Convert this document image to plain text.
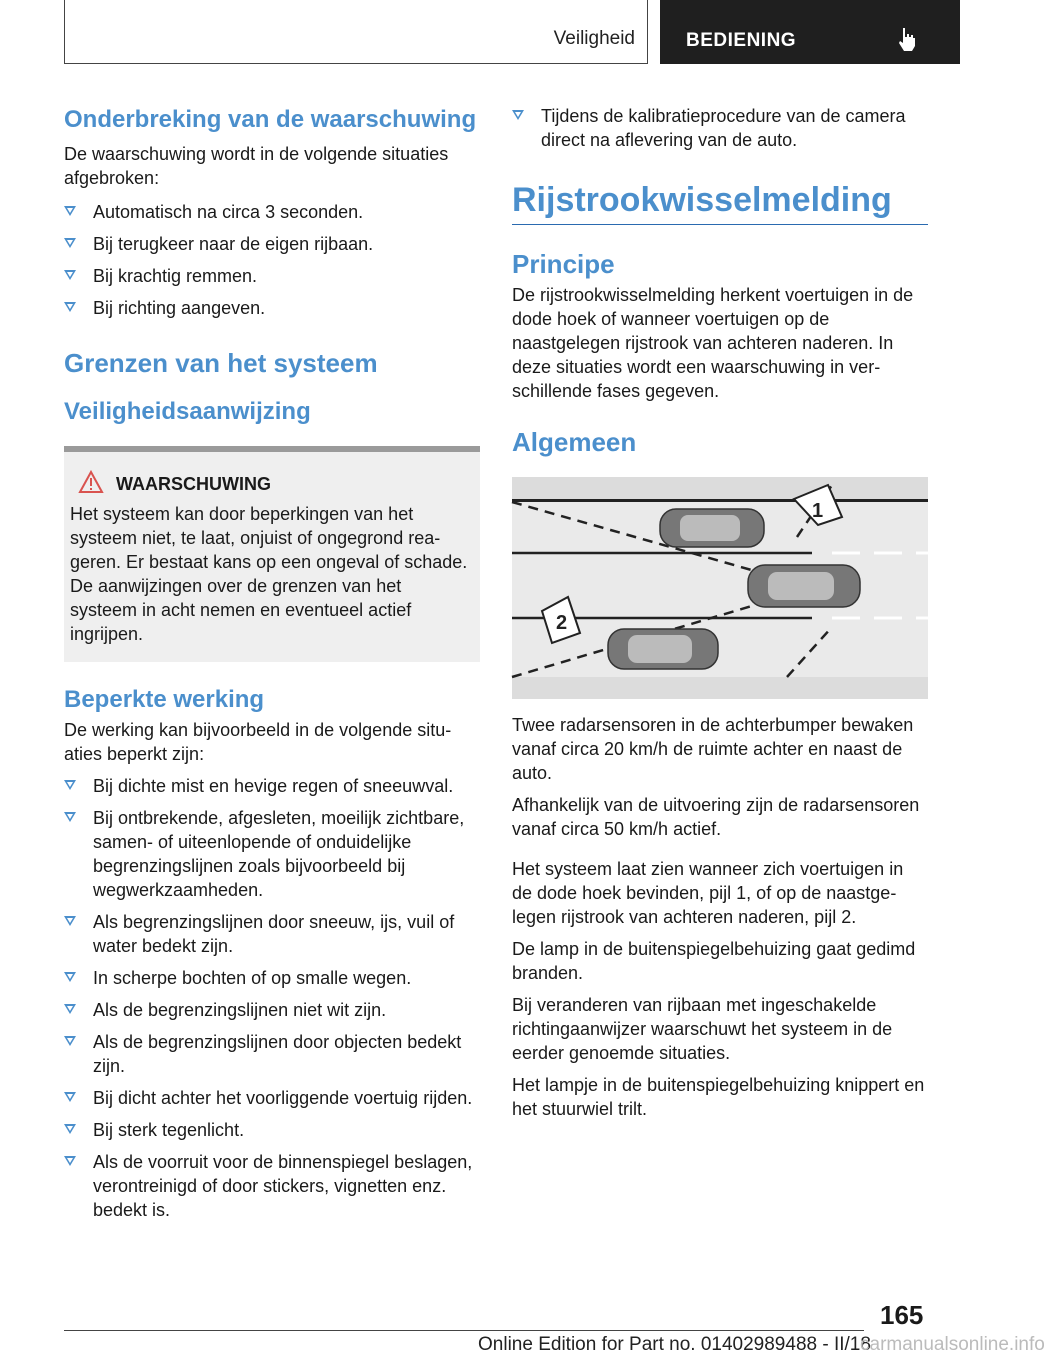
Veiligheid	BEDIENING
Onderbreking van de waarschuwing

De waarschuwing wordt in de volgende situaties afgebroken:

Automatisch na circa 3 seconden.
Bij terugkeer naar de eigen rijbaan.
Bij krachtig remmen.
Bij richting aangeven.
Grenzen van het systeem
Veiligheidsaanwijzing
WAARSCHUWING

Het systeem kan door beperkingen van het systeem niet, te laat, onjuist of ongegrond reageren. Er bestaat kans op een ongeval of schade. De aanwijzingen over de grenzen van het systeem in acht nemen en eventueel actief ingrijpen.

Beperkte werking

De werking kan bijvoorbeeld in de volgende situaties beperkt zijn:

Bij dichte mist en hevige regen of sneeuwval.
Bij ontbrekende, afgesleten, moeilijk zichtbare, samen- of uiteenlopende of onduidelijke begrenzingslijnen zoals bijvoorbeeld bij wegwerkzaamheden.
Als begrenzingslijnen door sneeuw, ijs, vuil of water bedekt zijn.
In scherpe bochten of op smalle wegen.
Als de begrenzingslijnen niet wit zijn.
Als de begrenzingslijnen door objecten bedekt zijn.
Bij dicht achter het voorliggende voertuig rijden.
Bij sterk tegenlicht.
Als de voorruit voor de binnenspiegel beslagen, verontreinigd of door stickers, vignetten enz. bedekt is.
Tijdens de kalibratieprocedure van de camera direct na aflevering van de auto.
Rijstrookwisselmelding
Principe

De rijstrookwisselmelding herkent voertuigen in de dode hoek of wanneer voertuigen op de naastgelegen rijstrook van achteren naderen. In deze situaties wordt een waarschuwing in verschillende fases gegeven.

Algemeen
1
2

Twee radarsensoren in de achterbumper bewaken vanaf circa 20 km/h de ruimte achter en naast de auto.

Afhankelijk van de uitvoering zijn de radarsensoren vanaf circa 50 km/h actief.

Het systeem laat zien wanneer zich voertuigen in de dode hoek bevinden, pijl 1, of op de naastgelegen rijstrook van achteren naderen, pijl 2.

De lamp in de buitenspiegelbehuizing gaat gedimd branden.

Bij veranderen van rijbaan met ingeschakelde richtingaanwijzer waarschuwt het systeem in de eerder genoemde situaties.

Het lampje in de buitenspiegelbehuizing knippert en het stuurwiel trilt.

165
Online Edition for Part no. 01402989488 - II/18
carmanualsonline.info
